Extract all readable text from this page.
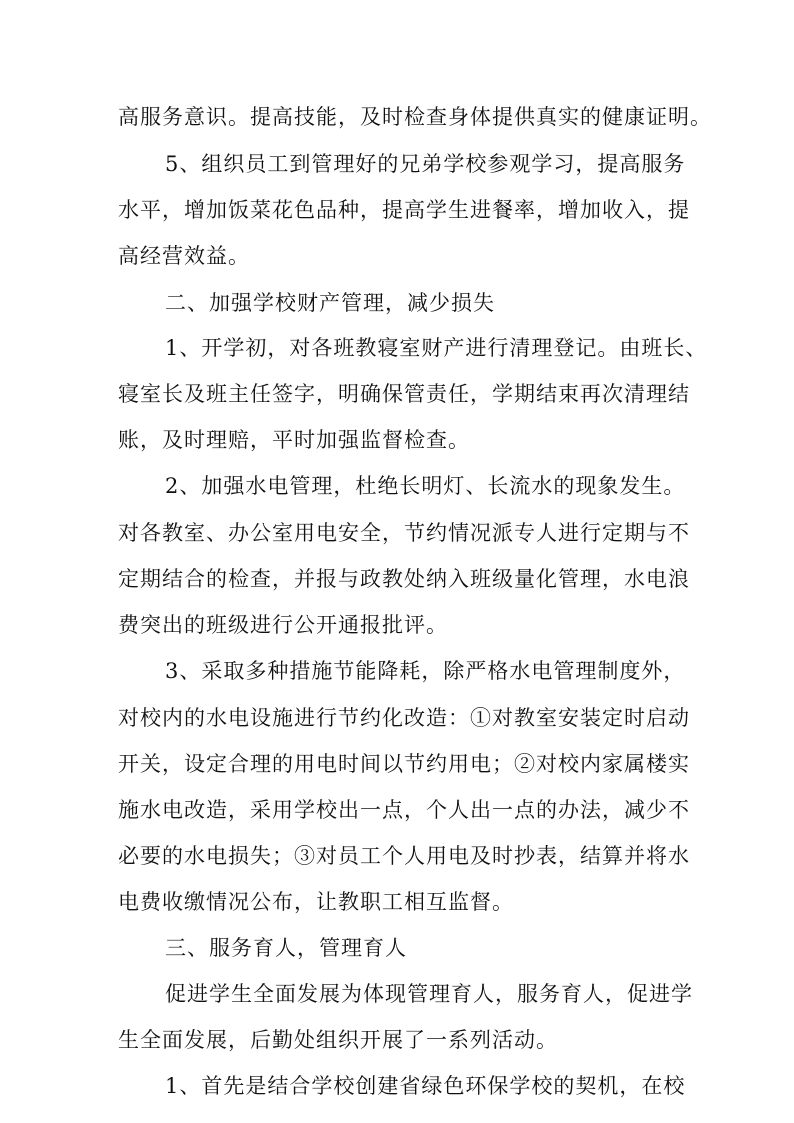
高服务意识。提高技能，及时检查身体提供真实的健康证明。
5、组织员工到管理好的兄弟学校参观学习，提高服务
水平，增加饭菜花色品种，提高学生进餐率，增加收入，提
高经营效益。
二、加强学校财产管理，减少损失
1、开学初，对各班教寝室财产进行清理登记。由班长、
寝室长及班主任签字，明确保管责任，学期结束再次清理结
账，及时理赔，平时加强监督检查。
2、加强水电管理，杜绝长明灯、长流水的现象发生。
对各教室、办公室用电安全，节约情况派专人进行定期与不
定期结合的检查，并报与政教处纳入班级量化管理，水电浪
费突出的班级进行公开通报批评。
3、采取多种措施节能降耗，除严格水电管理制度外，
对校内的水电设施进行节约化改造：①对教室安装定时启动
开关，设定合理的用电时间以节约用电；②对校内家属楼实
施水电改造，采用学校出一点，个人出一点的办法，减少不
必要的水电损失；③对员工个人用电及时抄表，结算并将水
电费收缴情况公布，让教职工相互监督。
三、服务育人，管理育人
促进学生全面发展为体现管理育人，服务育人，促进学
生全面发展，后勤处组织开展了一系列活动。
1、首先是结合学校创建省绿色环保学校的契机，在校
